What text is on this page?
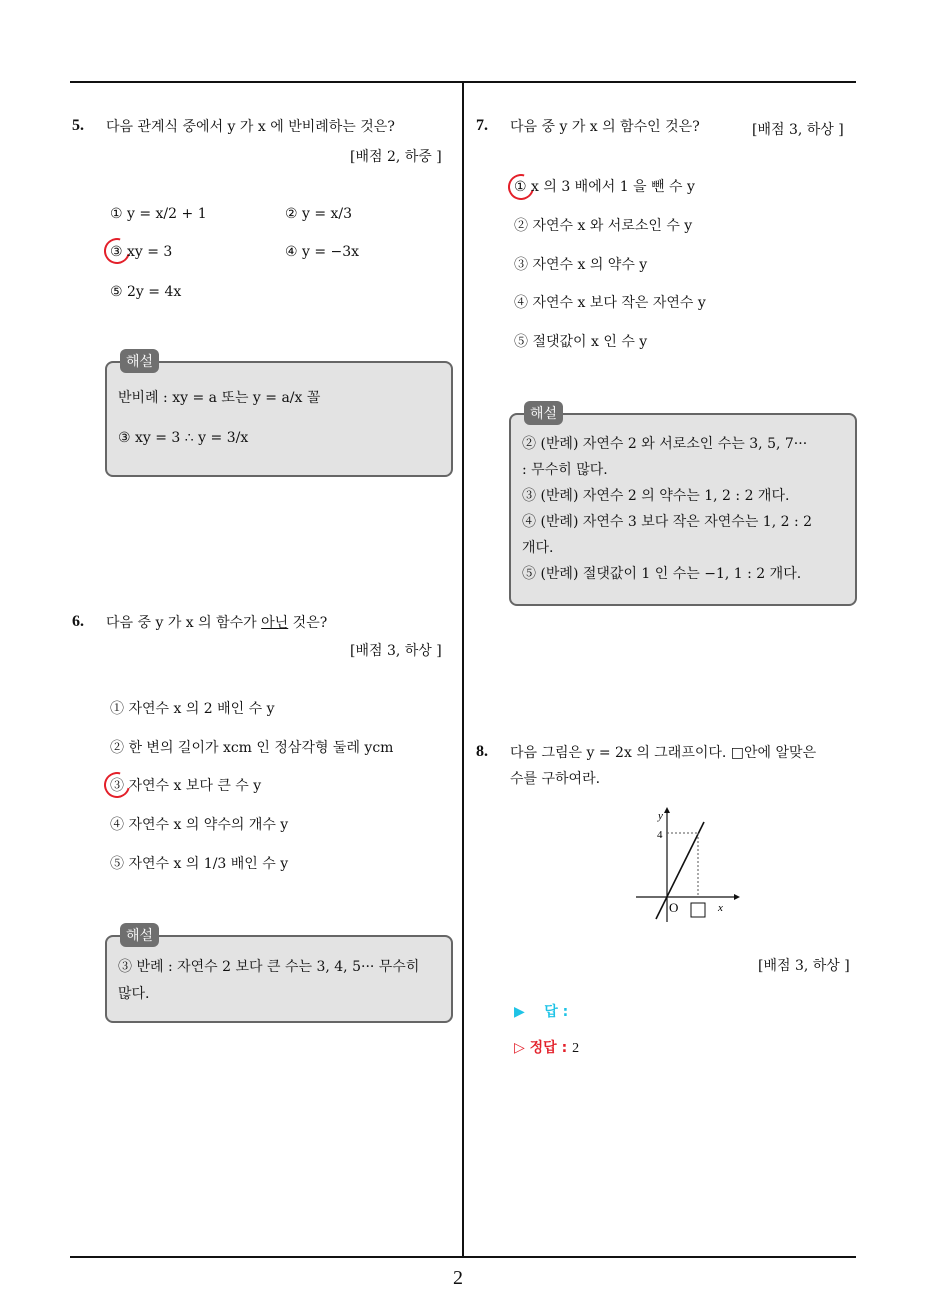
5. 다음 관계식 중에서 y 가 x 에 반비례하는 것은?
[배점 2, 하중 ]
① y = x/2 + 1	② y = x/3
③ xy = 3	④ y = −3x
⑤ 2y = 4x
해설
반비례 : xy = a 또는 y = a/x 꼴
③ xy = 3 ∴ y = 3/x
6. 다음 중 y 가 x 의 함수가 아닌 것은?
[배점 3, 하상 ]
① 자연수 x 의 2 배인 수 y
② 한 변의 길이가 xcm 인 정삼각형 둘레 ycm
③ 자연수 x 보다 큰 수 y
④ 자연수 x 의 약수의 개수 y
⑤ 자연수 x 의 1/3 배인 수 y
해설
③ 반례 : 자연수 2 보다 큰 수는 3, 4, 5··· 무수히
많다.
7. 다음 중 y 가 x 의 함수인 것은?	[배점 3, 하상 ]
① x 의 3 배에서 1 을 뺀 수 y
② 자연수 x 와 서로소인 수 y
③ 자연수 x 의 약수 y
④ 자연수 x 보다 작은 자연수 y
⑤ 절댓값이 x 인 수 y
해설
② (반례) 자연수 2 와 서로소인 수는 3, 5, 7···
: 무수히 많다.
③ (반례) 자연수 2 의 약수는 1, 2 : 2 개다.
④ (반례) 자연수 3 보다 작은 자연수는 1, 2 : 2
개다.
⑤ (반례) 절댓값이 1 인 수는 −1, 1 : 2 개다.
8. 다음 그림은 y = 2x 의 그래프이다. □안에 알맞은
수를 구하여라.
y
x
O
4
[배점 3, 하상 ]
▶ 답 :
▷ 정답 : 2
2
